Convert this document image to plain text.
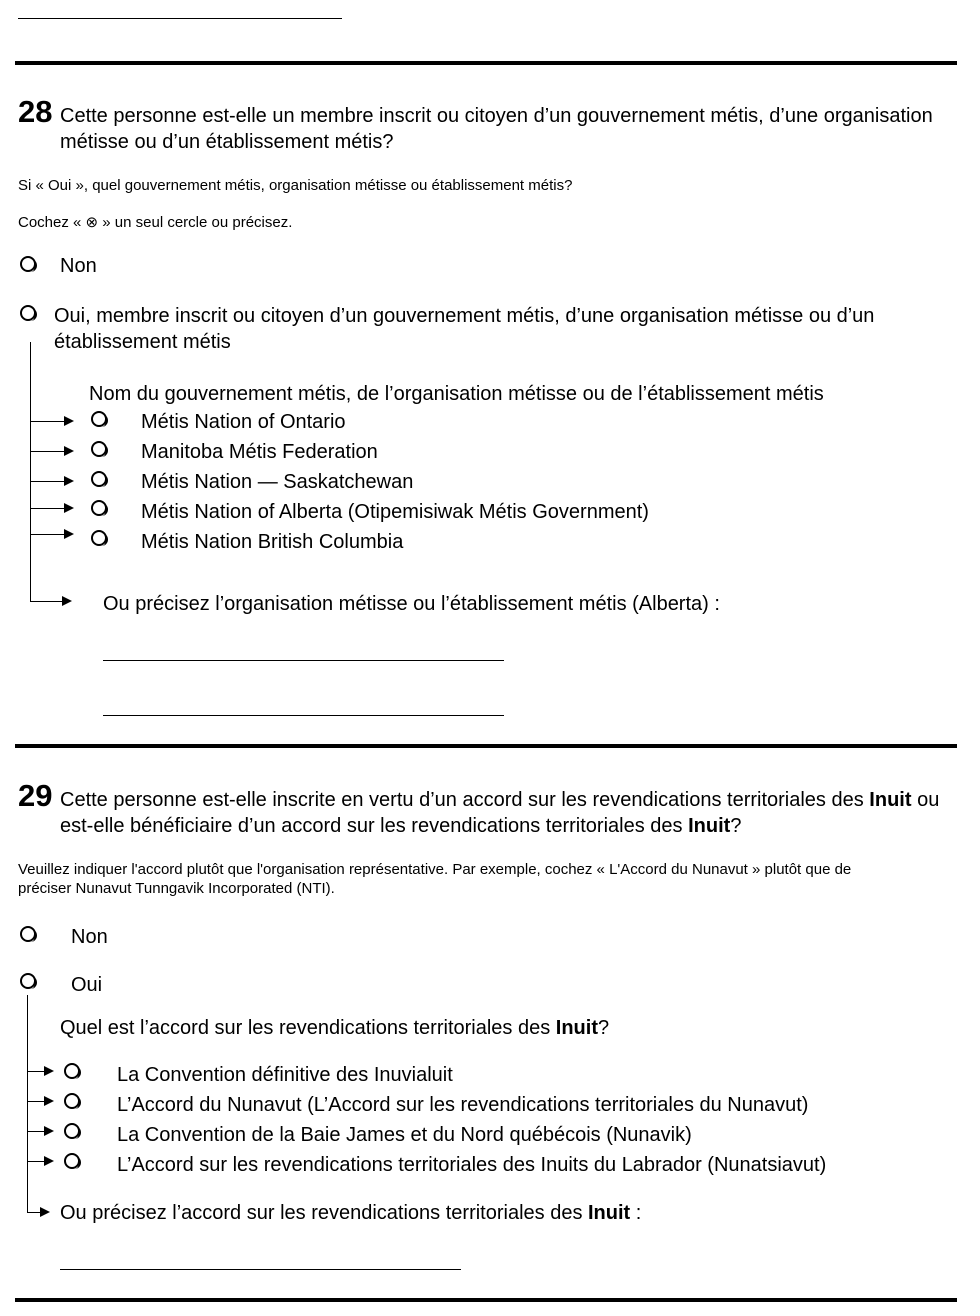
28 Cette personne est-elle un membre inscrit ou citoyen d’un gouvernement métis, d’une organisation
métisse ou d’un établissement métis?
Si « Oui », quel gouvernement métis, organisation métisse ou établissement métis?
Cochez « ⊗ » un seul cercle ou précisez.
Non
Oui, membre inscrit ou citoyen d’un gouvernement métis, d’une organisation métisse ou d’un
établissement métis
Nom du gouvernement métis, de l’organisation métisse ou de l’établissement métis
Métis Nation of Ontario
Manitoba Métis Federation
Métis Nation — Saskatchewan
Métis Nation of Alberta (Otipemisiwak Métis Government)
Métis Nation British Columbia
Ou précisez l’organisation métisse ou l’établissement métis (Alberta) :
29 Cette personne est-elle inscrite en vertu d’un accord sur les revendications territoriales des Inuit ou
est-elle bénéficiaire d’un accord sur les revendications territoriales des Inuit?
Veuillez indiquer l'accord plutôt que l'organisation représentative. Par exemple, cochez « L'Accord du Nunavut » plutôt que de
préciser Nunavut Tunngavik Incorporated (NTI).
Non
Oui
Quel est l’accord sur les revendications territoriales des Inuit?
La Convention définitive des Inuvialuit
L’Accord du Nunavut (L’Accord sur les revendications territoriales du Nunavut)
La Convention de la Baie James et du Nord québécois (Nunavik)
L’Accord sur les revendications territoriales des Inuits du Labrador (Nunatsiavut)
Ou précisez l’accord sur les revendications territoriales des Inuit :
